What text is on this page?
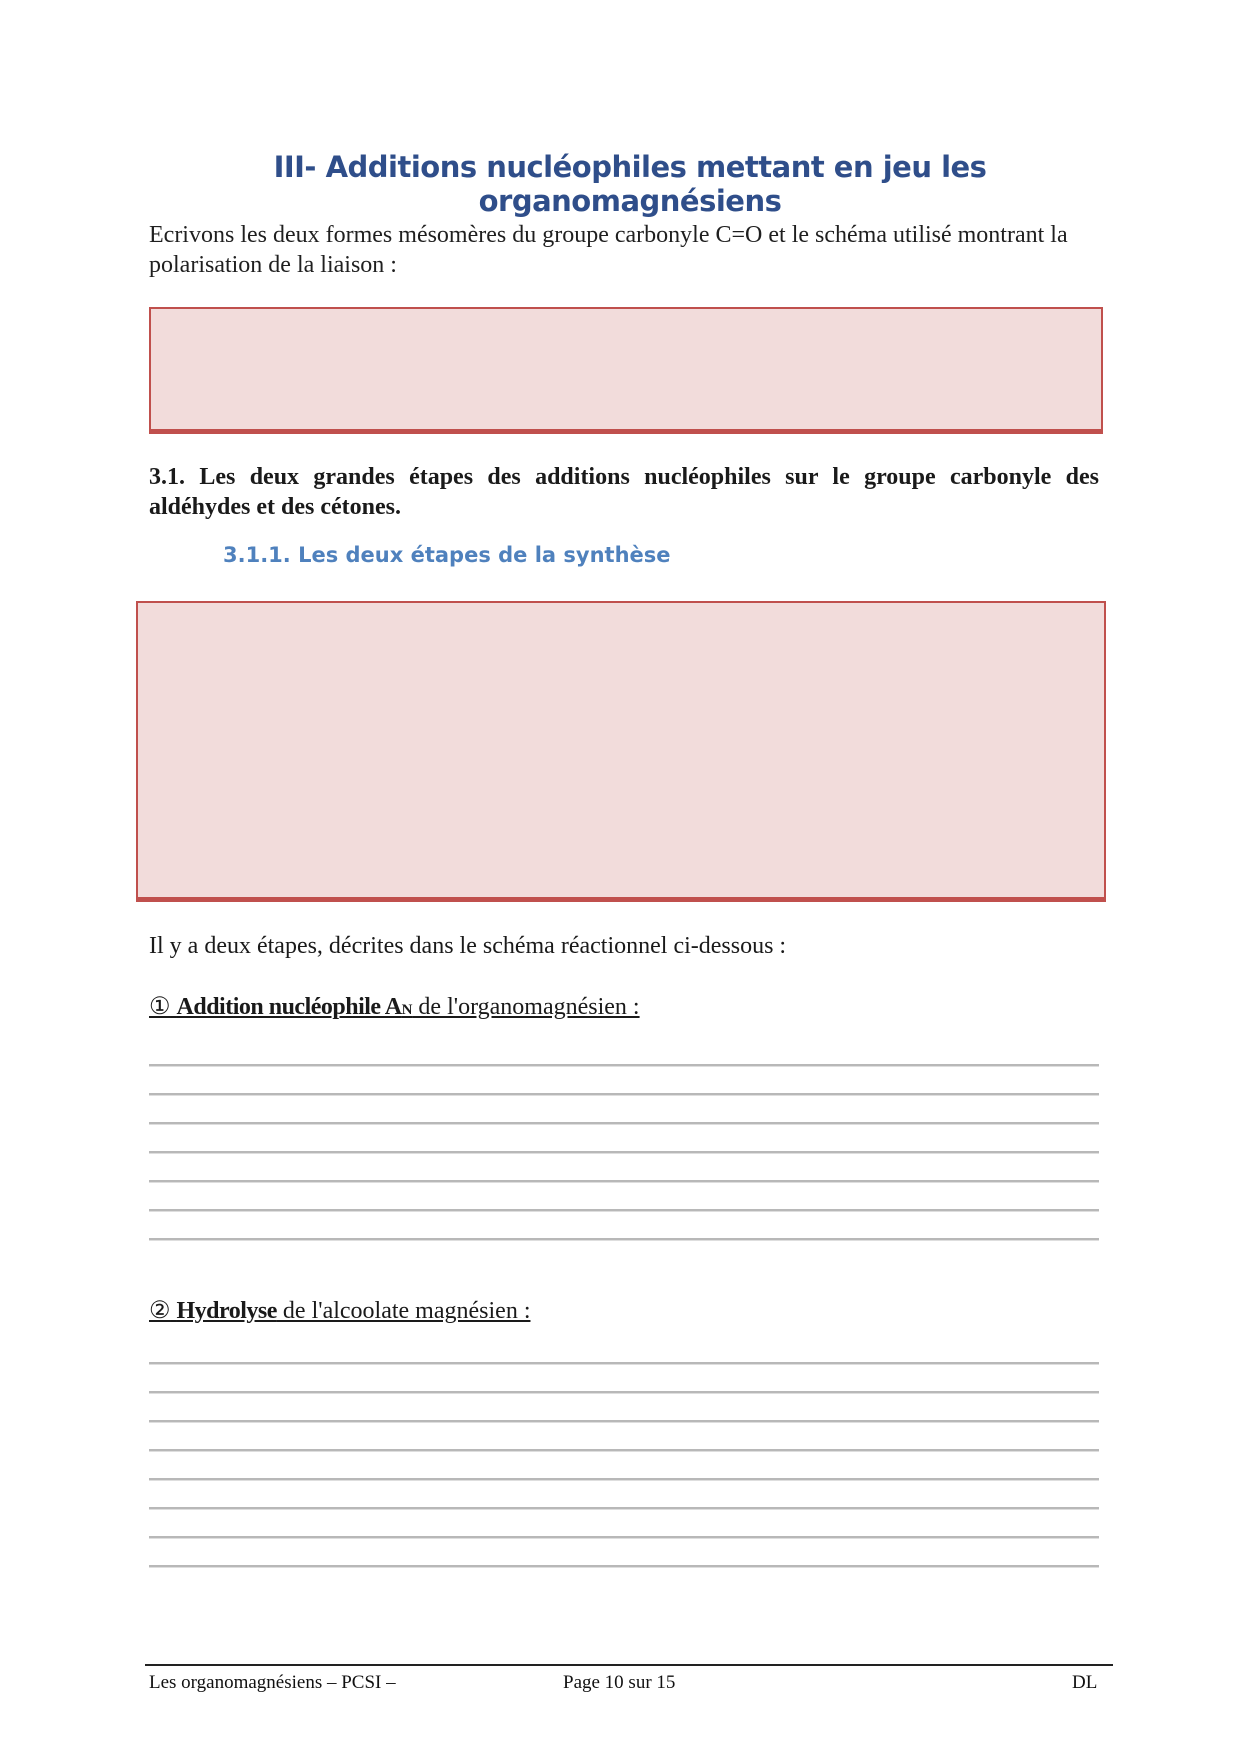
III- Additions nucléophiles mettant en jeu les organomagnésiens
Ecrivons les deux formes mésomères du groupe carbonyle C=O et le schéma utilisé montrant la polarisation de la liaison :
3.1. Les deux grandes étapes des additions nucléophiles sur le groupe carbonyle des aldéhydes et des cétones.
3.1.1. Les deux étapes de la synthèse
Il y a deux étapes, décrites dans le schéma réactionnel ci-dessous :
① Addition nucléophile AN de l'organomagnésien :
② Hydrolyse de l'alcoolate magnésien :
Les organomagnésiens – PCSI –	Page 10 sur 15	DL
